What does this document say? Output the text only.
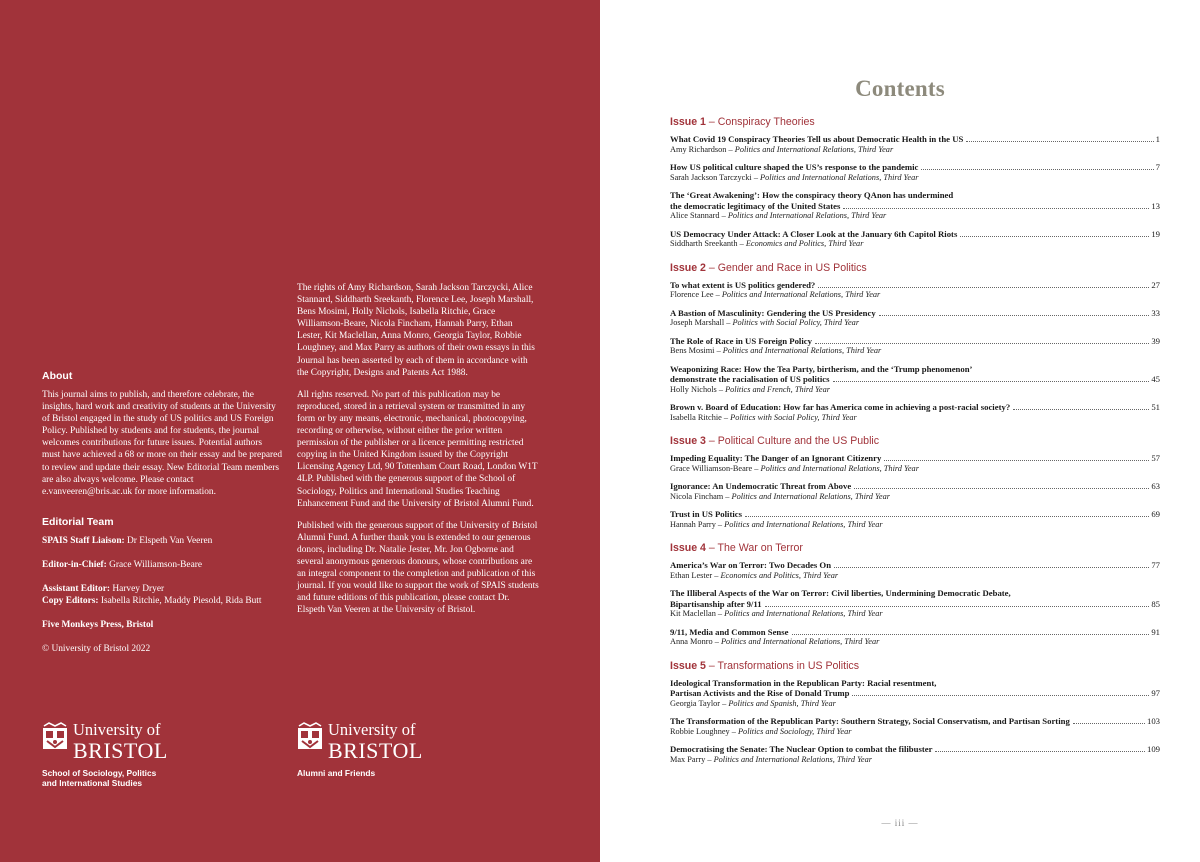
About
This journal aims to publish, and therefore celebrate, the insights, hard work and creativity of students at the University of Bristol engaged in the study of US politics and US Foreign Policy. Published by students and for students, the journal welcomes contributions for future issues. Potential authors must have achieved a 68 or more on their essay and be prepared to review and update their essay. New Editorial Team members are also always welcome. Please contact e.vanveeren@bris.ac.uk for more information.
Editorial Team
SPAIS Staff Liaison: Dr Elspeth Van Veeren
Editor-in-Chief: Grace Williamson-Beare
Assistant Editor: Harvey Dryer
Copy Editors: Isabella Ritchie, Maddy Piesold, Rida Butt
Five Monkeys Press, Bristol
© University of Bristol 2022
The rights of Amy Richardson, Sarah Jackson Tarczycki, Alice Stannard, Siddharth Sreekanth, Florence Lee, Joseph Marshall, Bens Mosimi, Holly Nichols, Isabella Ritchie, Grace Williamson-Beare, Nicola Fincham, Hannah Parry, Ethan Lester, Kit Maclellan, Anna Monro, Georgia Taylor, Robbie Loughney, and Max Parry as authors of their own essays in this Journal has been asserted by each of them in accordance with the Copyright, Designs and Patents Act 1988.
All rights reserved. No part of this publication may be reproduced, stored in a retrieval system or transmitted in any form or by any means, electronic, mechanical, photocopying, recording or otherwise, without either the prior written permission of the publisher or a licence permitting restricted copying in the United Kingdom issued by the Copyright Licensing Agency Ltd, 90 Tottenham Court Road, London W1T 4LP. Published with the generous support of the School of Sociology, Politics and International Studies Teaching Enhancement Fund and the University of Bristol Alumni Fund.
Published with the generous support of the University of Bristol Alumni Fund. A further thank you is extended to our generous donors, including Dr. Natalie Jester, Mr. Jon Ogborne and several anonymous generous donours, whose contributions are an integral component to the completion and publication of this journal. If you would like to support the work of SPAIS students and future editions of this publication, please contact Dr. Elspeth Van Veeren at the University of Bristol.
University of
BRISTOL
School of Sociology, Politics
and International Studies
University of
BRISTOL
Alumni and Friends
Contents
Issue 1 – Conspiracy Theories
What Covid 19 Conspiracy Theories Tell us about Democratic Health in the US	1
Amy Richardson – Politics and International Relations, Third Year
How US political culture shaped the US’s response to the pandemic	7
Sarah Jackson Tarczycki – Politics and International Relations, Third Year
The ‘Great Awakening’: How the conspiracy theory QAnon has undermined
the democratic legitimacy of the United States	13
Alice Stannard – Politics and International Relations, Third Year
US Democracy Under Attack: A Closer Look at the January 6th Capitol Riots	19
Siddharth Sreekanth – Economics and Politics, Third Year
Issue 2 – Gender and Race in US Politics
To what extent is US politics gendered?	27
Florence Lee – Politics and International Relations, Third Year
A Bastion of Masculinity: Gendering the US Presidency	33
Joseph Marshall – Politics with Social Policy, Third Year
The Role of Race in US Foreign Policy	39
Bens Mosimi – Politics and International Relations, Third Year
Weaponizing Race: How the Tea Party, birtherism, and the ‘Trump phenomenon’
demonstrate the racialisation of US politics	45
Holly Nichols – Politics and French, Third Year
Brown v. Board of Education: How far has America come in achieving a post-racial society?	51
Isabella Ritchie – Politics with Social Policy, Third Year
Issue 3 – Political Culture and the US Public
Impeding Equality: The Danger of an Ignorant Citizenry	57
Grace Williamson-Beare – Politics and International Relations, Third Year
Ignorance: An Undemocratic Threat from Above	63
Nicola Fincham – Politics and International Relations, Third Year
Trust in US Politics	69
Hannah Parry – Politics and International Relations, Third Year
Issue 4 – The War on Terror
America’s War on Terror: Two Decades On	77
Ethan Lester – Economics and Politics, Third Year
The Illiberal Aspects of the War on Terror: Civil liberties, Undermining Democratic Debate,
Bipartisanship after 9/11	85
Kit Maclellan – Politics and International Relations, Third Year
9/11, Media and Common Sense	91
Anna Monro – Politics and International Relations, Third Year
Issue 5 – Transformations in US Politics
Ideological Transformation in the Republican Party: Racial resentment,
Partisan Activists and the Rise of Donald Trump	97
Georgia Taylor – Politics and Spanish, Third Year
The Transformation of the Republican Party: Southern Strategy, Social Conservatism, and Partisan Sorting	103
Robbie Loughney – Politics and Sociology, Third Year
Democratising the Senate: The Nuclear Option to combat the filibuster	109
Max Parry – Politics and International Relations, Third Year
— iii —
